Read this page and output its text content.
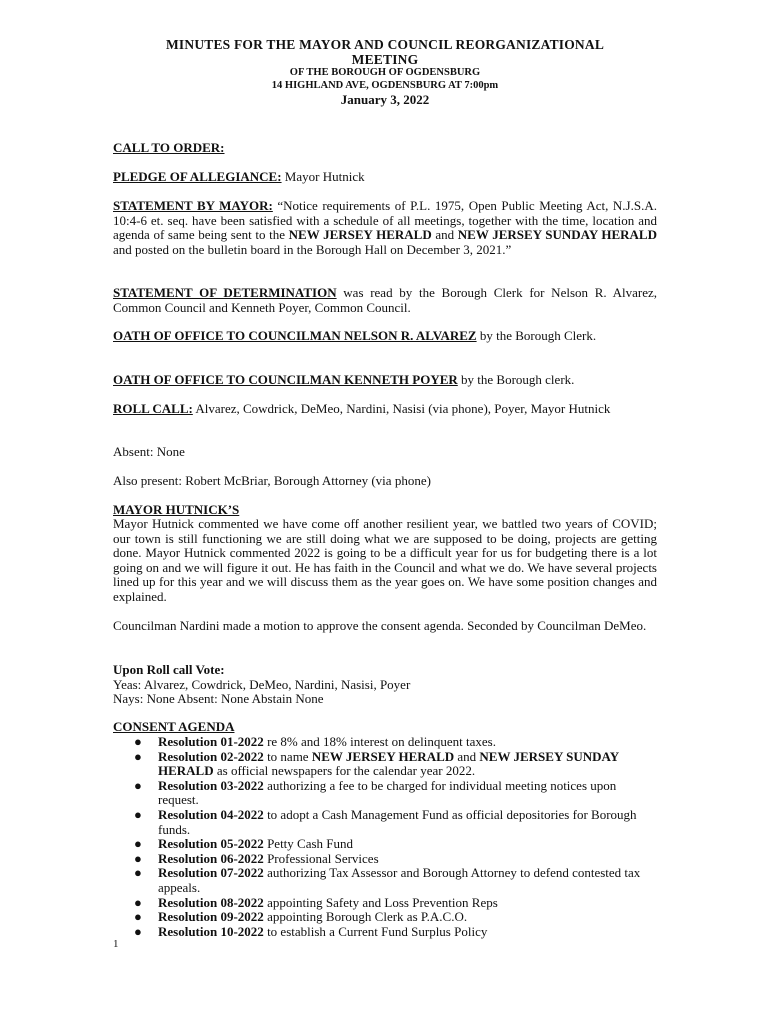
MINUTES FOR THE MAYOR AND COUNCIL REORGANIZATIONAL
MEETING
OF THE BOROUGH OF OGDENSBURG
14 HIGHLAND AVE, OGDENSBURG AT 7:00pm
January 3, 2022
CALL TO ORDER:
PLEDGE OF ALLEGIANCE: Mayor Hutnick
STATEMENT BY MAYOR: “Notice requirements of P.L. 1975, Open Public Meeting Act, N.J.S.A. 10:4-6 et. seq. have been satisfied with a schedule of all meetings, together with the time, location and agenda of same being sent to the NEW JERSEY HERALD and NEW JERSEY SUNDAY HERALD and posted on the bulletin board in the Borough Hall on December 3, 2021.”
STATEMENT OF DETERMINATION was read by the Borough Clerk for Nelson R. Alvarez, Common Council and Kenneth Poyer, Common Council.
OATH OF OFFICE TO COUNCILMAN NELSON R. ALVAREZ by the Borough Clerk.
OATH OF OFFICE TO COUNCILMAN KENNETH POYER by the Borough clerk.
ROLL CALL: Alvarez, Cowdrick, DeMeo, Nardini, Nasisi (via phone), Poyer, Mayor Hutnick
Absent: None
Also present: Robert McBriar, Borough Attorney (via phone)
MAYOR HUTNICK’S
Mayor Hutnick commented we have come off another resilient year, we battled two years of COVID; our town is still functioning we are still doing what we are supposed to be doing, projects are getting done. Mayor Hutnick commented 2022 is going to be a difficult year for us for budgeting there is a lot going on and we will figure it out. He has faith in the Council and what we do. We have several projects lined up for this year and we will discuss them as the year goes on. We have some position changes and explained.
Councilman Nardini made a motion to approve the consent agenda. Seconded by Councilman DeMeo.
Upon Roll call Vote:
Yeas: Alvarez, Cowdrick, DeMeo, Nardini, Nasisi, Poyer
Nays: None Absent: None Abstain None
CONSENT AGENDA
● Resolution 01-2022 re 8% and 18% interest on delinquent taxes.
● Resolution 02-2022 to name NEW JERSEY HERALD and NEW JERSEY SUNDAY HERALD as official newspapers for the calendar year 2022.
● Resolution 03-2022 authorizing a fee to be charged for individual meeting notices upon request.
● Resolution 04-2022 to adopt a Cash Management Fund as official depositories for Borough funds.
● Resolution 05-2022 Petty Cash Fund
● Resolution 06-2022 Professional Services
● Resolution 07-2022 authorizing Tax Assessor and Borough Attorney to defend contested tax appeals.
● Resolution 08-2022 appointing Safety and Loss Prevention Reps
● Resolution 09-2022 appointing Borough Clerk as P.A.C.O.
● Resolution 10-2022 to establish a Current Fund Surplus Policy
1
